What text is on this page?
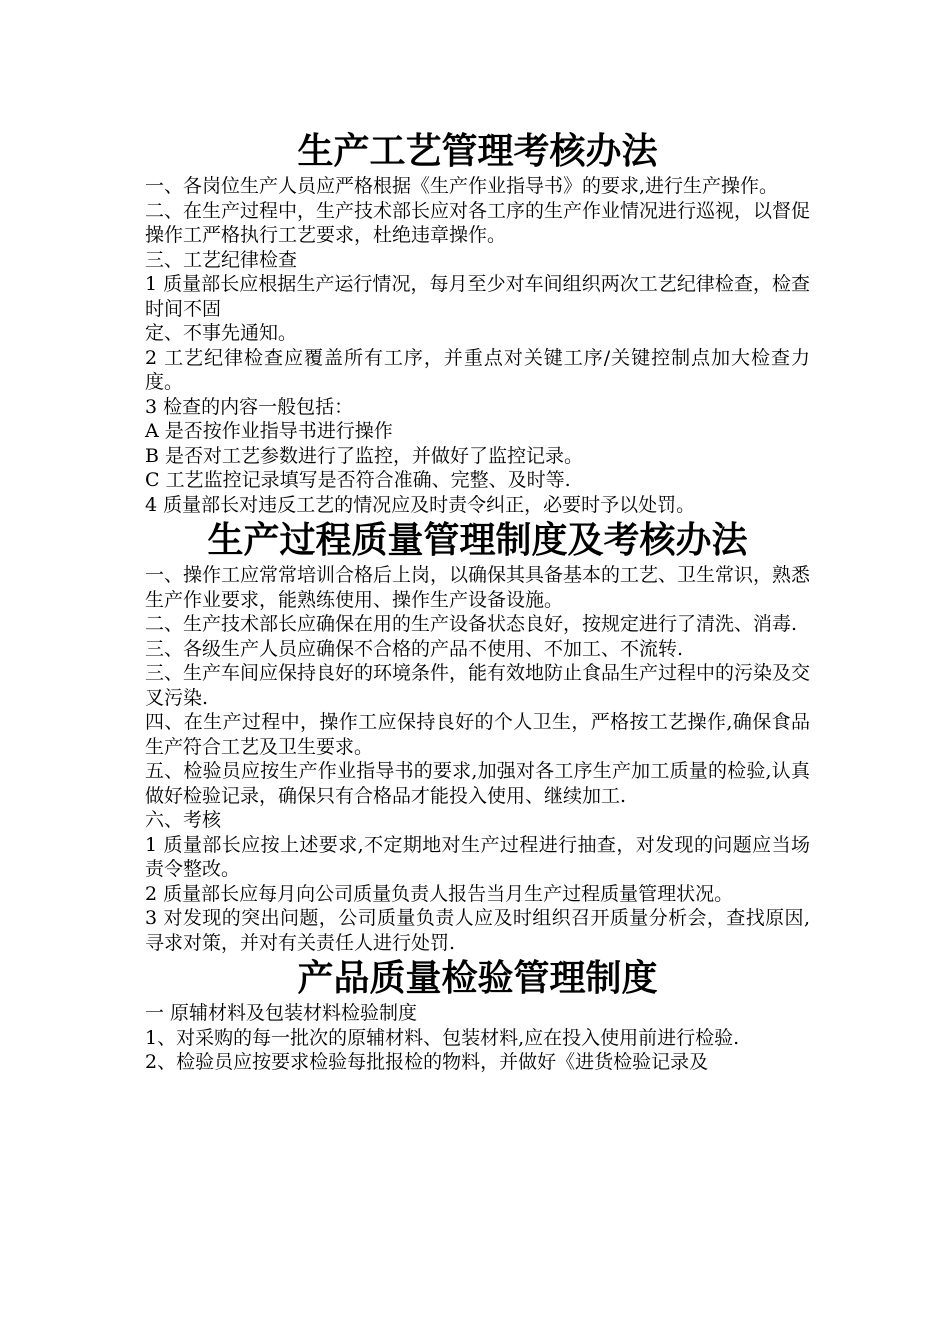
生产工艺管理考核办法

一、各岗位生产人员应严格根据《生产作业指导书》的要求,进行生产操作。

二、在生产过程中，生产技术部长应对各工序的生产作业情况进行巡视，以督促操作工严格执行工艺要求，杜绝违章操作。

三、工艺纪律检查

1 质量部长应根据生产运行情况，每月至少对车间组织两次工艺纪律检查，检查时间不固

定、不事先通知。

2 工艺纪律检查应覆盖所有工序，并重点对关键工序/关键控制点加大检查力度。

3 检查的内容一般包括：

A 是否按作业指导书进行操作

B 是否对工艺参数进行了监控，并做好了监控记录。

C 工艺监控记录填写是否符合准确、完整、及时等.

4 质量部长对违反工艺的情况应及时责令纠正，必要时予以处罚。

生产过程质量管理制度及考核办法

一、操作工应常常培训合格后上岗，以确保其具备基本的工艺、卫生常识，熟悉生产作业要求，能熟练使用、操作生产设备设施。

二、生产技术部长应确保在用的生产设备状态良好，按规定进行了清洗、消毒.

三、各级生产人员应确保不合格的产品不使用、不加工、不流转.

三、生产车间应保持良好的环境条件，能有效地防止食品生产过程中的污染及交叉污染.

四、在生产过程中，操作工应保持良好的个人卫生，严格按工艺操作,确保食品生产符合工艺及卫生要求。

五、检验员应按生产作业指导书的要求,加强对各工序生产加工质量的检验,认真做好检验记录，确保只有合格品才能投入使用、继续加工.

六、考核

1 质量部长应按上述要求,不定期地对生产过程进行抽查，对发现的问题应当场责令整改。

2 质量部长应每月向公司质量负责人报告当月生产过程质量管理状况。

3 对发现的突出问题，公司质量负责人应及时组织召开质量分析会，查找原因,寻求对策，并对有关责任人进行处罚.

产品质量检验管理制度

一 原辅材料及包装材料检验制度

1、对采购的每一批次的原辅材料、包装材料,应在投入使用前进行检验.

2、检验员应按要求检验每批报检的物料，并做好《进货检验记录及
